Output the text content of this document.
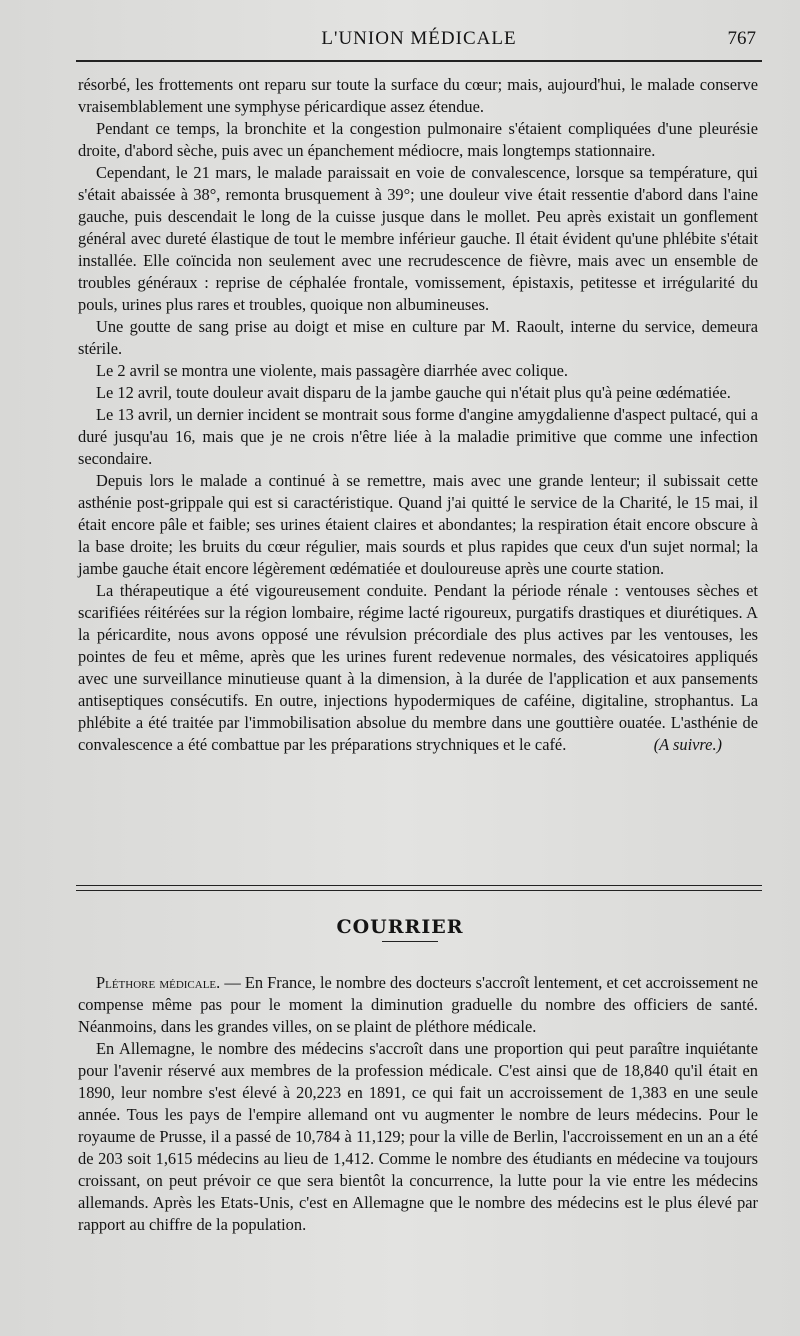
L'UNION MÉDICALE	767

résorbé, les frottements ont reparu sur toute la surface du cœur; mais, aujourd'hui, le malade conserve vraisemblablement une symphyse péricardique assez étendue.

Pendant ce temps, la bronchite et la congestion pulmonaire s'étaient compliquées d'une pleurésie droite, d'abord sèche, puis avec un épanchement médiocre, mais longtemps stationnaire.

Cependant, le 21 mars, le malade paraissait en voie de convalescence, lorsque sa température, qui s'était abaissée à 38°, remonta brusquement à 39°; une douleur vive était ressentie d'abord dans l'aine gauche, puis descendait le long de la cuisse jusque dans le mollet. Peu après existait un gonflement général avec dureté élastique de tout le membre inférieur gauche. Il était évident qu'une phlébite s'était installée. Elle coïncida non seulement avec une recrudescence de fièvre, mais avec un ensemble de troubles généraux : reprise de céphalée frontale, vomissement, épistaxis, petitesse et irrégularité du pouls, urines plus rares et troubles, quoique non albumineuses.

Une goutte de sang prise au doigt et mise en culture par M. Raoult, interne du service, demeura stérile.

Le 2 avril se montra une violente, mais passagère diarrhée avec colique.

Le 12 avril, toute douleur avait disparu de la jambe gauche qui n'était plus qu'à peine œdématiée.

Le 13 avril, un dernier incident se montrait sous forme d'angine amygdalienne d'aspect pultacé, qui a duré jusqu'au 16, mais que je ne crois n'être liée à la maladie primitive que comme une infection secondaire.

Depuis lors le malade a continué à se remettre, mais avec une grande lenteur; il subissait cette asthénie post-grippale qui est si caractéristique. Quand j'ai quitté le service de la Charité, le 15 mai, il était encore pâle et faible; ses urines étaient claires et abondantes; la respiration était encore obscure à la base droite; les bruits du cœur régulier, mais sourds et plus rapides que ceux d'un sujet normal; la jambe gauche était encore légèrement œdématiée et douloureuse après une courte station.

La thérapeutique a été vigoureusement conduite. Pendant la période rénale : ventouses sèches et scarifiées réitérées sur la région lombaire, régime lacté rigoureux, purgatifs drastiques et diurétiques. A la péricardite, nous avons opposé une révulsion précordiale des plus actives par les ventouses, les pointes de feu et même, après que les urines furent redevenue normales, des vésicatoires appliqués avec une surveillance minutieuse quant à la dimension, à la durée de l'application et aux pansements antiseptiques consécutifs. En outre, injections hypodermiques de caféine, digitaline, strophantus. La phlébite a été traitée par l'immobilisation absolue du membre dans une gouttière ouatée. L'asthénie de convalescence a été combattue par les préparations strychniques et le café.	(A suivre.)

COURRIER

Pléthore médicale. — En France, le nombre des docteurs s'accroît lentement, et cet accroissement ne compense même pas pour le moment la diminution graduelle du nombre des officiers de santé. Néanmoins, dans les grandes villes, on se plaint de pléthore médicale.

En Allemagne, le nombre des médecins s'accroît dans une proportion qui peut paraître inquiétante pour l'avenir réservé aux membres de la profession médicale. C'est ainsi que de 18,840 qu'il était en 1890, leur nombre s'est élevé à 20,223 en 1891, ce qui fait un accroissement de 1,383 en une seule année. Tous les pays de l'empire allemand ont vu augmenter le nombre de leurs médecins. Pour le royaume de Prusse, il a passé de 10,784 à 11,129; pour la ville de Berlin, l'accroissement en un an a été de 203 soit 1,615 médecins au lieu de 1,412. Comme le nombre des étudiants en médecine va toujours croissant, on peut prévoir ce que sera bientôt la concurrence, la lutte pour la vie entre les médecins allemands. Après les Etats-Unis, c'est en Allemagne que le nombre des médecins est le plus élevé par rapport au chiffre de la population.
